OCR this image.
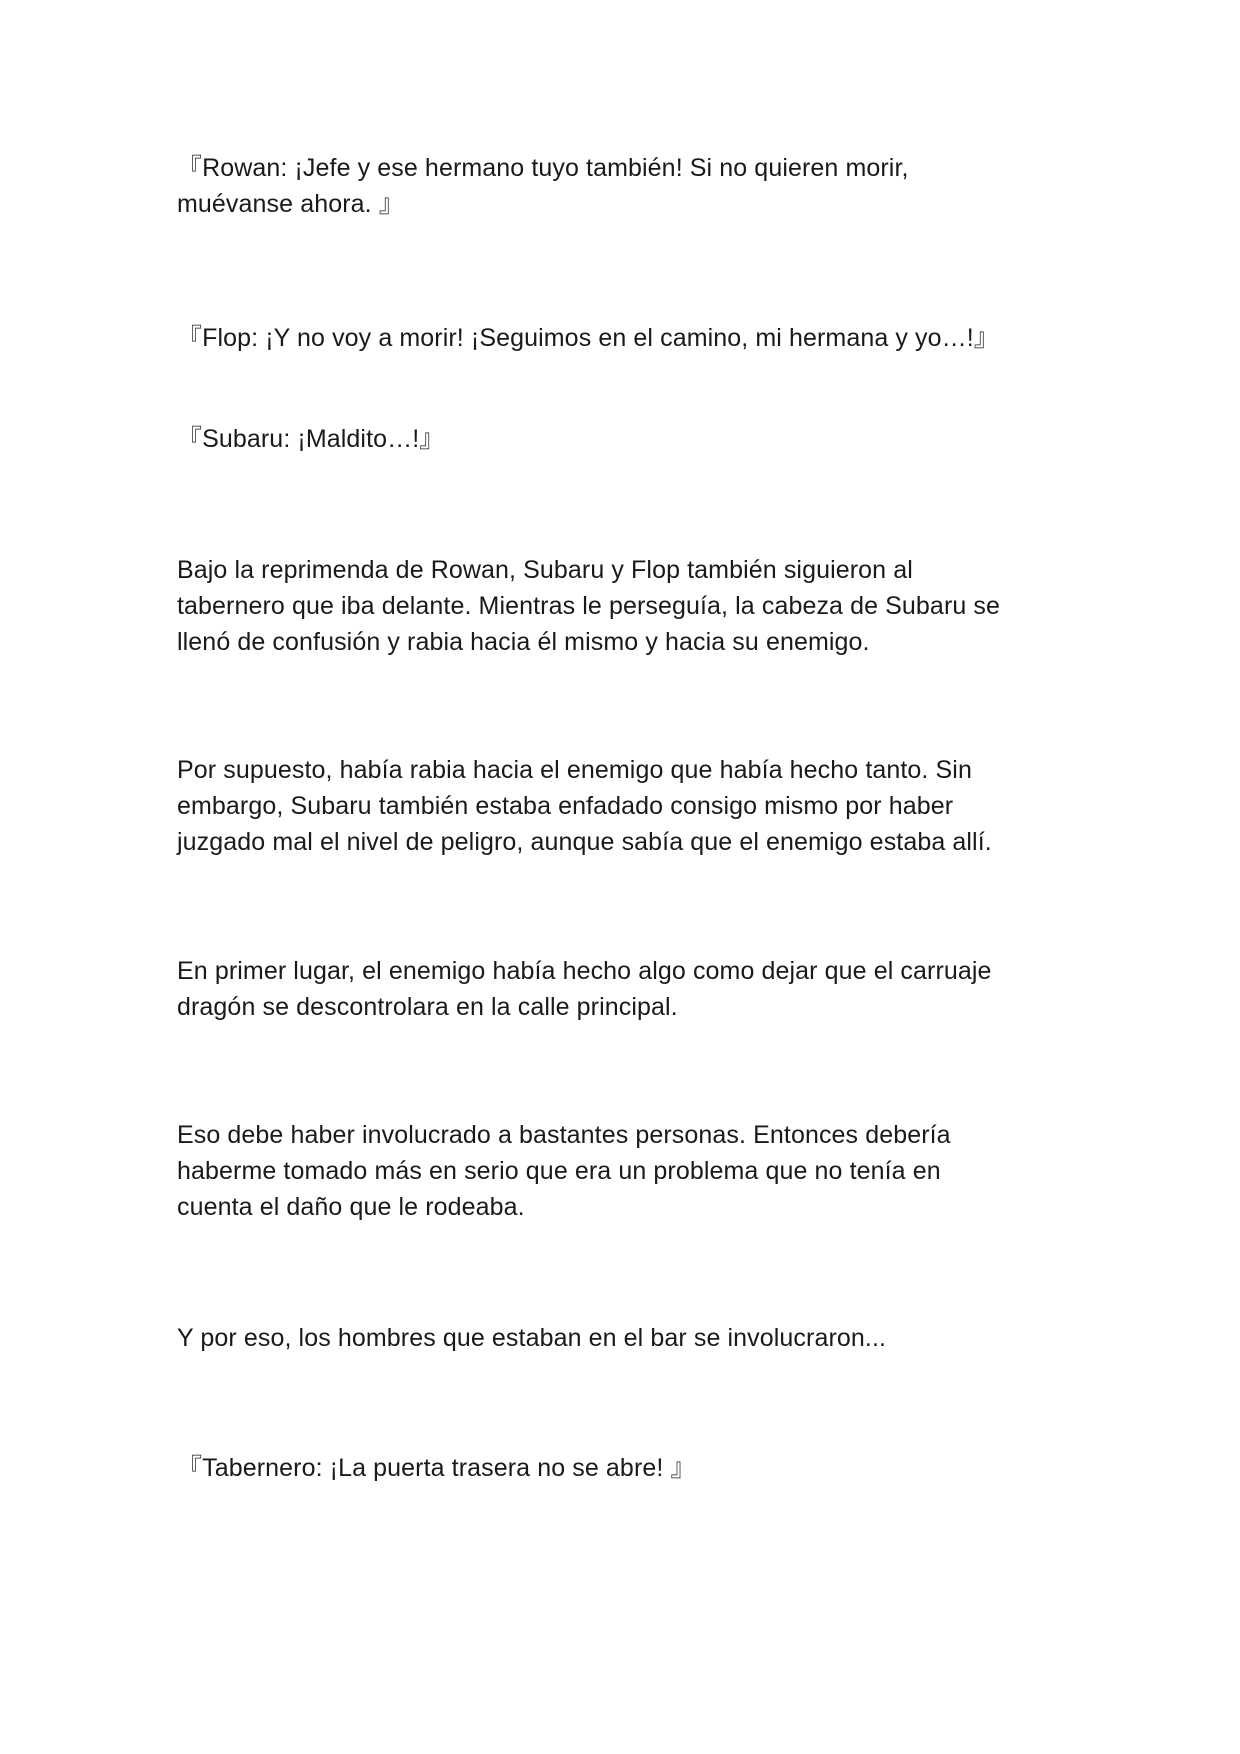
『Rowan: ¡Jefe y ese hermano tuyo también! Si no quieren morir,
muévanse ahora. 』

『Flop: ¡Y no voy a morir! ¡Seguimos en el camino, mi hermana y yo…!』

『Subaru: ¡Maldito…!』

Bajo la reprimenda de Rowan, Subaru y Flop también siguieron al
tabernero que iba delante. Mientras le perseguía, la cabeza de Subaru se
llenó de confusión y rabia hacia él mismo y hacia su enemigo.

Por supuesto, había rabia hacia el enemigo que había hecho tanto. Sin
embargo, Subaru también estaba enfadado consigo mismo por haber
juzgado mal el nivel de peligro, aunque sabía que el enemigo estaba allí.

En primer lugar, el enemigo había hecho algo como dejar que el carruaje
dragón se descontrolara en la calle principal.

Eso debe haber involucrado a bastantes personas. Entonces debería
haberme tomado más en serio que era un problema que no tenía en
cuenta el daño que le rodeaba.

Y por eso, los hombres que estaban en el bar se involucraron...

『Tabernero: ¡La puerta trasera no se abre! 』
